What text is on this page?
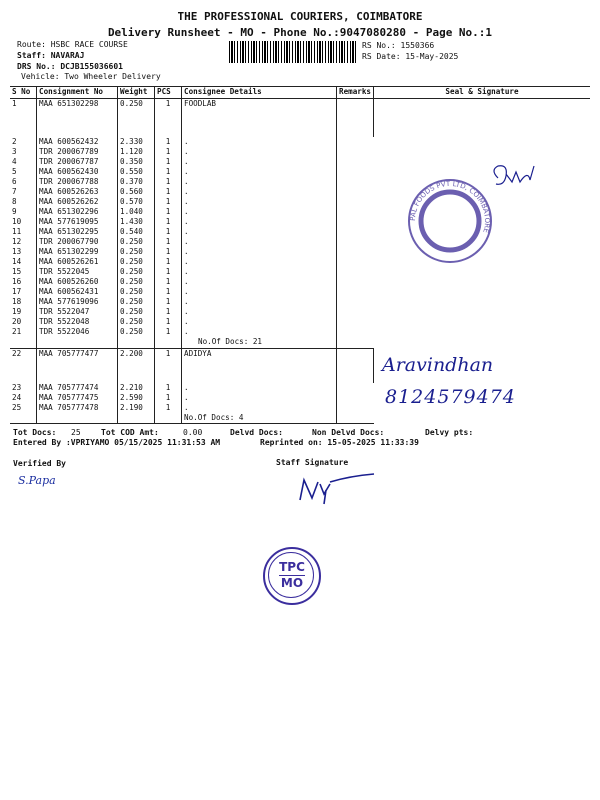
THE PROFESSIONAL COURIERS, COIMBATORE
Delivery Runsheet - MO - Phone No.:9047080280 - Page No.:1
Route: HSBC RACE COURSE
Staff: NAVARAJ
DRS No.: DCJB155036601
Vehicle: Two Wheeler Delivery
RS No.: 1550366
RS Date: 15-May-2025
S No	Consignment No	Weight	PCS	Consignee Details	Remarks	Seal & Signature
1	MAA 651302298	0.250	1	FOODLAB		
2	MAA 600562432	2.330	1	.		
3	TDR 200067789	1.120	1	.		
4	TDR 200067787	0.350	1	.		
5	MAA 600562430	0.550	1	.		
6	TDR 200067788	0.370	1	.		
7	MAA 600526263	0.560	1	.		
8	MAA 600526262	0.570	1	.		
9	MAA 651302296	1.040	1	.		
10	MAA 577619095	1.430	1	.		
11	MAA 651302295	0.540	1	.		
12	TDR 200067790	0.250	1	.		
13	MAA 651302299	0.250	1	.		
14	MAA 600526261	0.250	1	.		
15	TDR 5522045	0.250	1	.		
16	MAA 600526260	0.250	1	.		
17	MAA 600562431	0.250	1	.		
18	MAA 577619096	0.250	1	.		
19	TDR 5522047	0.250	1	.		
20	TDR 5522048	0.250	1	.		
21	TDR 5522046	0.250	1	.		
				No.Of Docs: 21		
22	MAA 705777477	2.200	1	ADIDYA		
23	MAA 705777474	2.210	1	.		
24	MAA 705777475	2.590	1	.		
25	MAA 705777478	2.190	1	.		
				No.Of Docs: 4		
Tot Docs: 25	Tot COD Amt:	0.00	Delvd Docs:	Non Delvd Docs:	Delvy pts:
Entered By :VPRIYAMO 05/15/2025 11:31:53 AM	Reprinted on: 15-05-2025 11:33:39
Verified By	Staff Signature
S.Papa
PAL FOODS PVT LTD, COIMBATORE
Aravindhan
8124579474
TPC
MO
